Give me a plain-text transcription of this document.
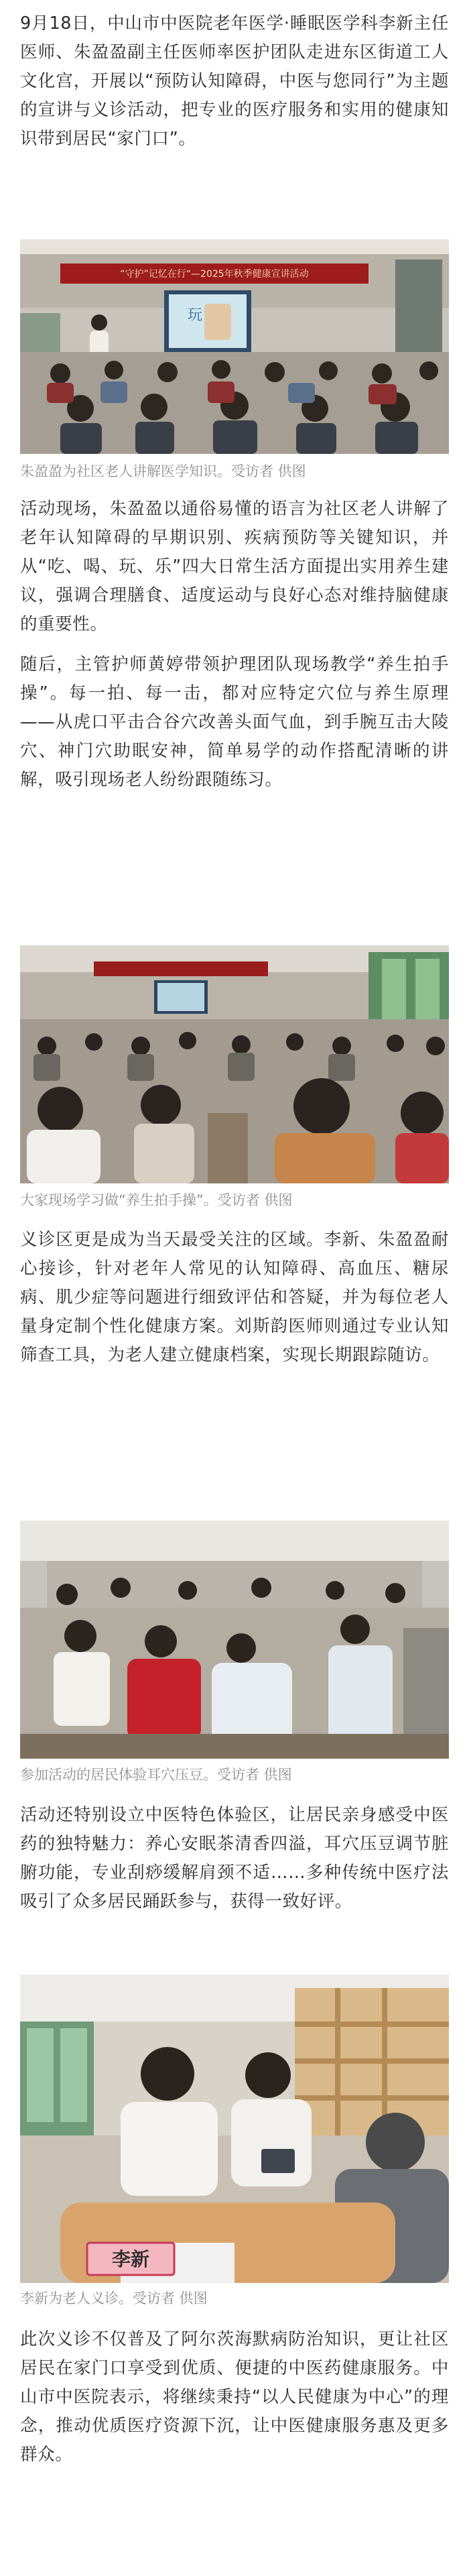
9月18日，中山市中医院老年医学·睡眠医学科李新主任医师、朱盈盈副主任医师率医护团队走进东区街道工人文化宫，开展以“预防认知障碍，中医与您同行”为主题的宣讲与义诊活动，把专业的医疗服务和实用的健康知识带到居民“家门口”。

“守护”记忆在行“—2025年秋季健康宣讲活动
玩

朱盈盈为社区老人讲解医学知识。受访者 供图

活动现场，朱盈盈以通俗易懂的语言为社区老人讲解了老年认知障碍的早期识别、疾病预防等关键知识，并从“吃、喝、玩、乐”四大日常生活方面提出实用养生建议，强调合理膳食、适度运动与良好心态对维持脑健康的重要性。

随后，主管护师黄婷带领护理团队现场教学“养生拍手操”。每一拍、每一击，都对应特定穴位与养生原理——从虎口平击合谷穴改善头面气血，到手腕互击大陵穴、神门穴助眠安神，简单易学的动作搭配清晰的讲解，吸引现场老人纷纷跟随练习。

大家现场学习做“养生拍手操”。受访者 供图

义诊区更是成为当天最受关注的区域。李新、朱盈盈耐心接诊，针对老年人常见的认知障碍、高血压、糖尿病、肌少症等问题进行细致评估和答疑，并为每位老人量身定制个性化健康方案。刘斯韵医师则通过专业认知筛查工具，为老人建立健康档案，实现长期跟踪随访。

参加活动的居民体验耳穴压豆。受访者 供图

活动还特别设立中医特色体验区，让居民亲身感受中医药的独特魅力：养心安眠茶清香四溢，耳穴压豆调节脏腑功能，专业刮痧缓解肩颈不适……多种传统中医疗法吸引了众多居民踊跃参与，获得一致好评。

李新

李新为老人义诊。受访者 供图

此次义诊不仅普及了阿尔茨海默病防治知识，更让社区居民在家门口享受到优质、便捷的中医药健康服务。中山市中医院表示，将继续秉持“以人民健康为中心”的理念，推动优质医疗资源下沉，让中医健康服务惠及更多群众。
